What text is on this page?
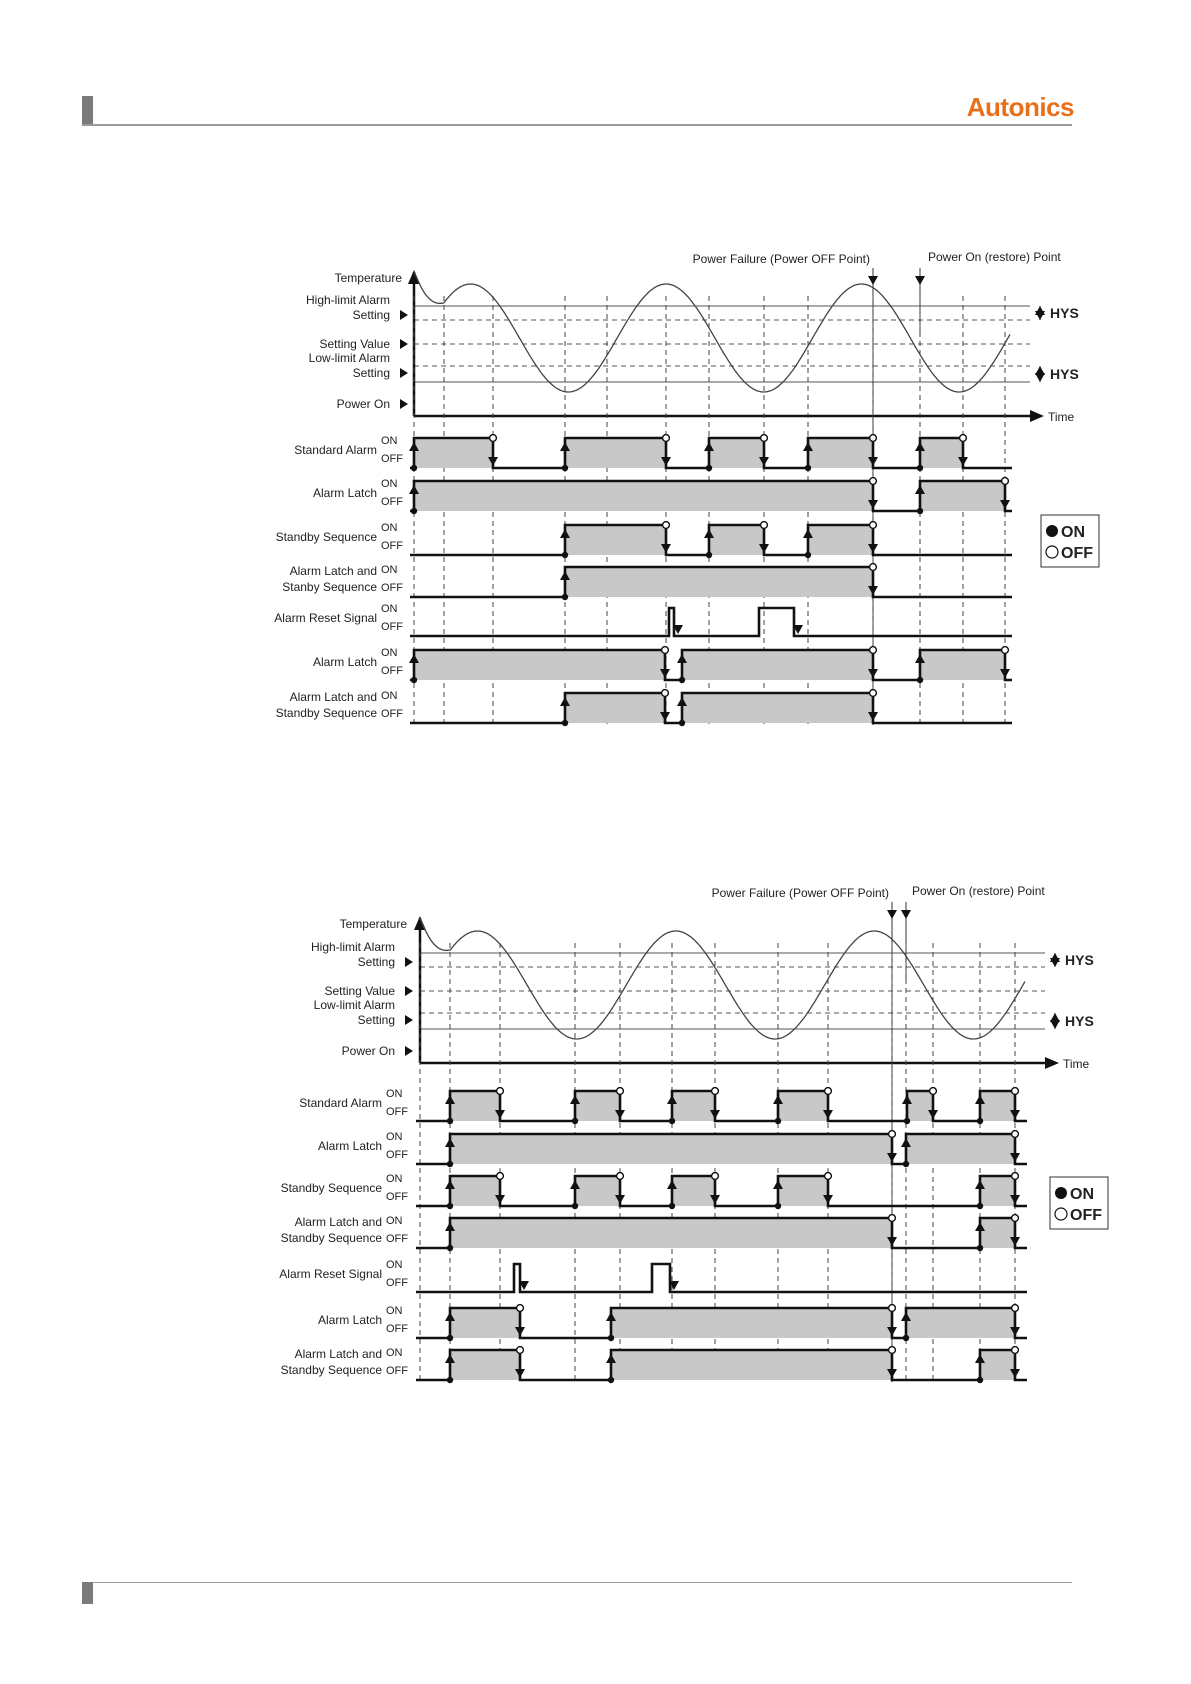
Autonics
Temperature
High-limit Alarm
Setting
Setting Value
Low-limit Alarm
Setting
Power On
Time
HYS
HYS
Power Failure (Power OFF Point)	Power On (restore) Point
Standard Alarm
ON
OFF
Alarm Latch
ON
OFF
Standby Sequence
ON
OFF
Alarm Latch and
Stanby Sequence
ON
OFF
Alarm Reset Signal
ON
OFF
Alarm Latch
ON
OFF
Alarm Latch and
Standby Sequence
ON
OFF
ON
OFF
Temperature
High-limit Alarm
Setting
Setting Value
Low-limit Alarm
Setting
Power On
Time
HYS
HYS
Power Failure (Power OFF Point) Power On (restore) Point
Standard Alarm
ON
OFF
Alarm Latch
ON
OFF
Standby Sequence
ON
OFF
Alarm Latch and
Standby Sequence
ON
OFF
Alarm Reset Signal
ON
OFF
Alarm Latch
ON
OFF
Alarm Latch and
Standby Sequence
ON
OFF
ON
OFF
